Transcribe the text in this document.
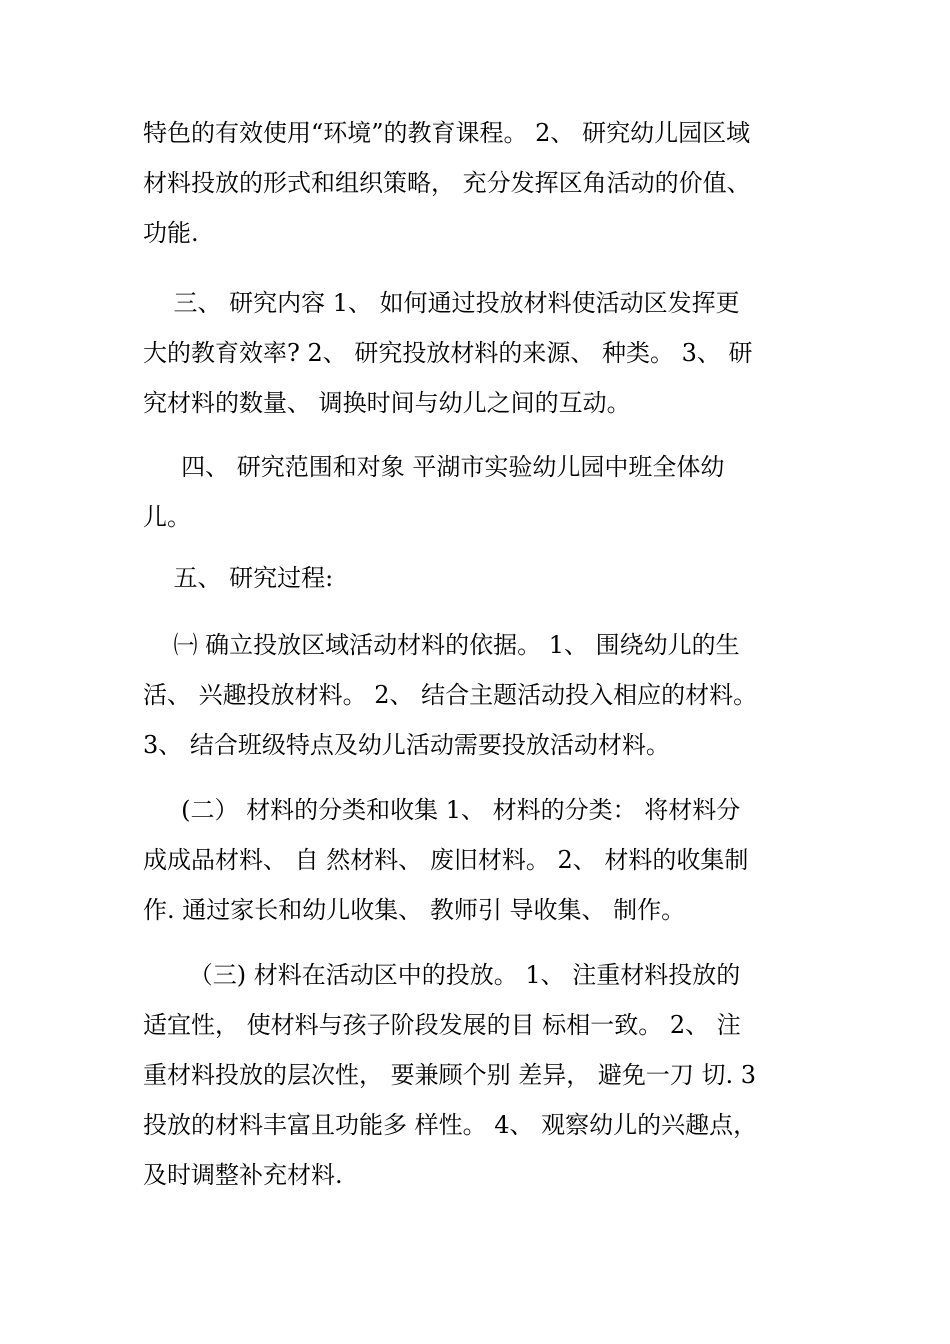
特色的有效使用“环境”的教育课程。 2、 研究幼儿园区域
材料投放的形式和组织策略， 充分发挥区角活动的价值、
功能.
三、 研究内容 1、 如何通过投放材料使活动区发挥更
大的教育效率? 2、 研究投放材料的来源、 种类。 3、 研
究材料的数量、 调换时间与幼儿之间的互动。
四、 研究范围和对象 平湖市实验幼儿园中班全体幼
儿。
五、 研究过程:
㈠ 确立投放区域活动材料的依据。 1、 围绕幼儿的生
活、 兴趣投放材料。 2、 结合主题活动投入相应的材料。
3、 结合班级特点及幼儿活动需要投放活动材料。
(二） 材料的分类和收集 1、 材料的分类： 将材料分
成成品材料、 自 然材料、 废旧材料。 2、 材料的收集制
作. 通过家长和幼儿收集、 教师引 导收集、 制作。
（三) 材料在活动区中的投放。 1、 注重材料投放的
适宜性， 使材料与孩子阶段发展的目 标相一致。 2、 注
重材料投放的层次性， 要兼顾个别 差异， 避免一刀 切. 3
投放的材料丰富且功能多 样性。 4、 观察幼儿的兴趣点，
及时调整补充材料.
